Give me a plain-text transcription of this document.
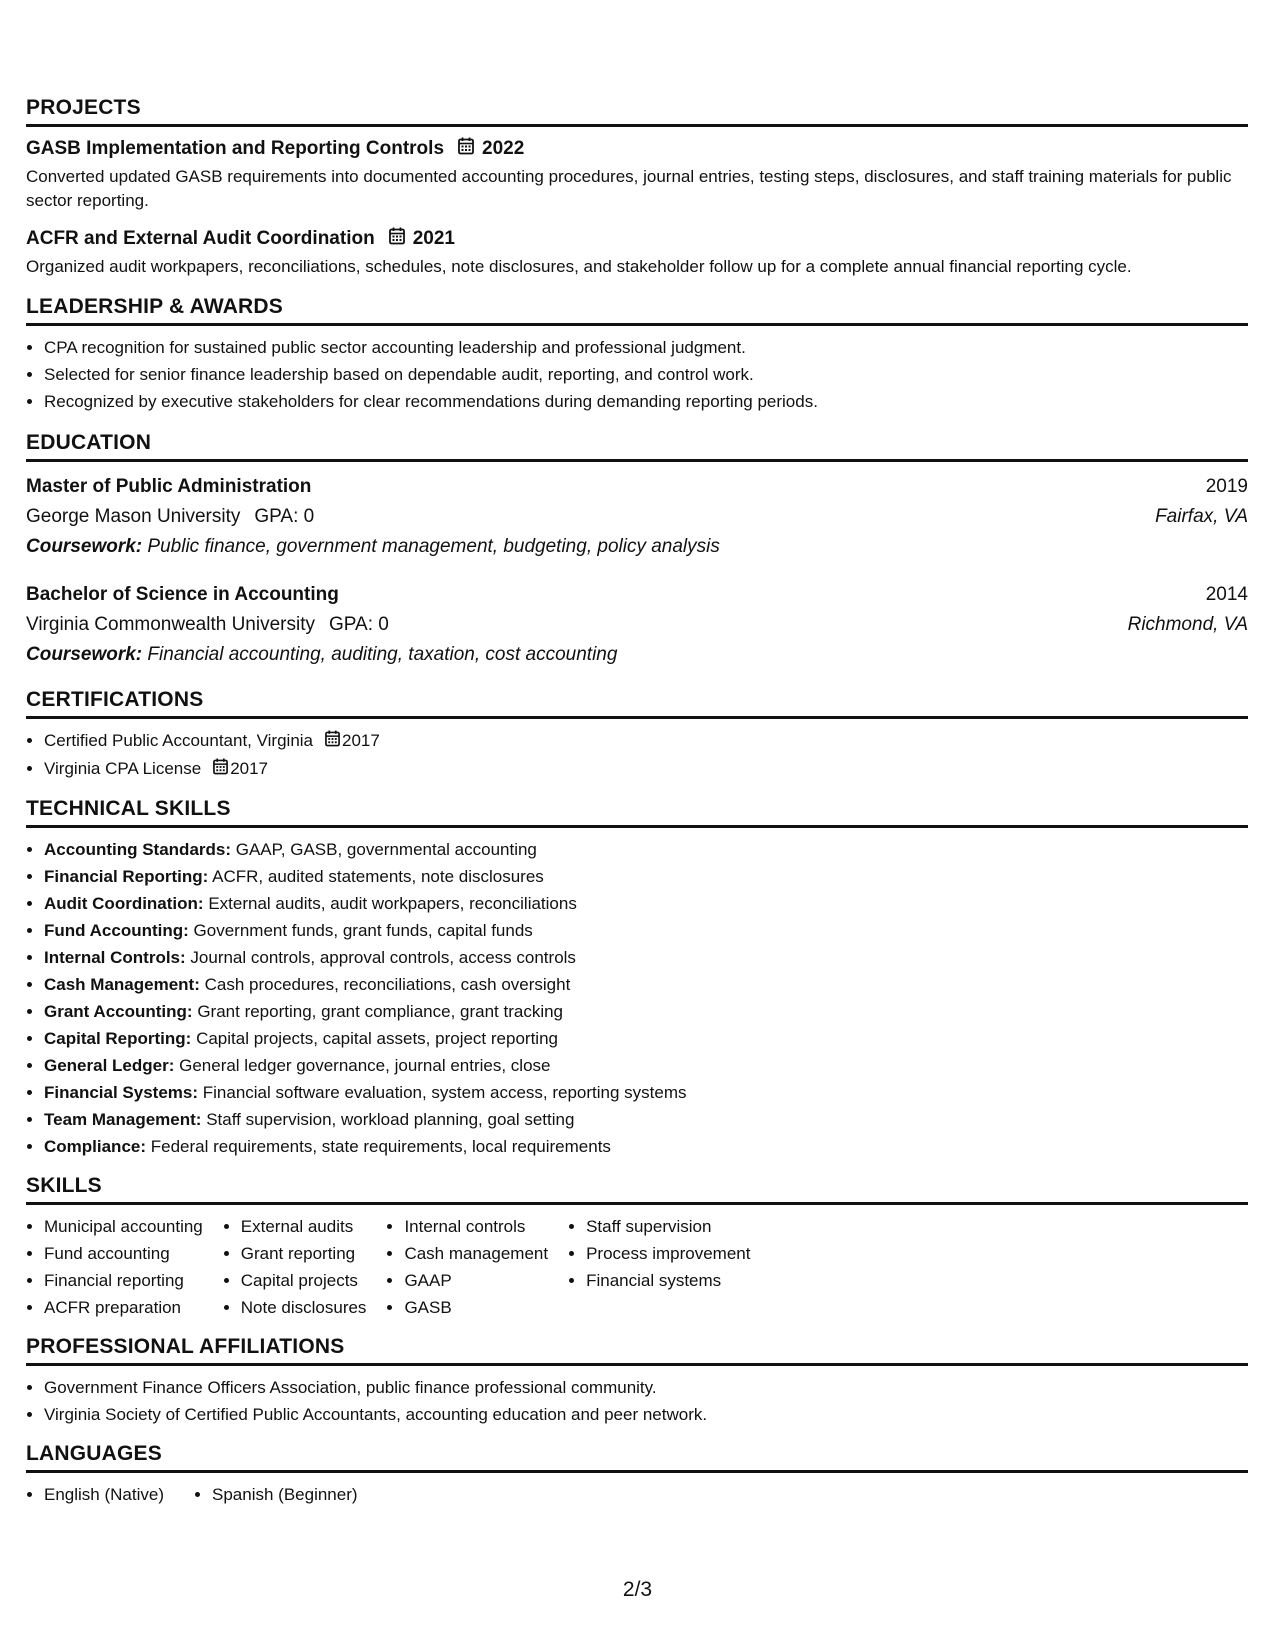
PROJECTS
GASB Implementation and Reporting Controls 2022
Converted updated GASB requirements into documented accounting procedures, journal entries, testing steps, disclosures, and staff training materials for public sector reporting.
ACFR and External Audit Coordination 2021
Organized audit workpapers, reconciliations, schedules, note disclosures, and stakeholder follow up for a complete annual financial reporting cycle.
LEADERSHIP & AWARDS
• CPA recognition for sustained public sector accounting leadership and professional judgment.
• Selected for senior finance leadership based on dependable audit, reporting, and control work.
• Recognized by executive stakeholders for clear recommendations during demanding reporting periods.
EDUCATION
Master of Public Administration	2019
George Mason University GPA: 0	Fairfax, VA
Coursework: Public finance, government management, budgeting, policy analysis
Bachelor of Science in Accounting	2014
Virginia Commonwealth University GPA: 0	Richmond, VA
Coursework: Financial accounting, auditing, taxation, cost accounting
CERTIFICATIONS
• Certified Public Accountant, Virginia 2017
• Virginia CPA License 2017
TECHNICAL SKILLS
• Accounting Standards: GAAP, GASB, governmental accounting
• Financial Reporting: ACFR, audited statements, note disclosures
• Audit Coordination: External audits, audit workpapers, reconciliations
• Fund Accounting: Government funds, grant funds, capital funds
• Internal Controls: Journal controls, approval controls, access controls
• Cash Management: Cash procedures, reconciliations, cash oversight
• Grant Accounting: Grant reporting, grant compliance, grant tracking
• Capital Reporting: Capital projects, capital assets, project reporting
• General Ledger: General ledger governance, journal entries, close
• Financial Systems: Financial software evaluation, system access, reporting systems
• Team Management: Staff supervision, workload planning, goal setting
• Compliance: Federal requirements, state requirements, local requirements
SKILLS
• Municipal accounting
• Fund accounting
• Financial reporting
• ACFR preparation
• External audits
• Grant reporting
• Capital projects
• Note disclosures
• Internal controls
• Cash management
• GAAP
• GASB
• Staff supervision
• Process improvement
• Financial systems
PROFESSIONAL AFFILIATIONS
• Government Finance Officers Association, public finance professional community.
• Virginia Society of Certified Public Accountants, accounting education and peer network.
LANGUAGES
• English (Native)
•	Spanish (Beginner)
2/3
